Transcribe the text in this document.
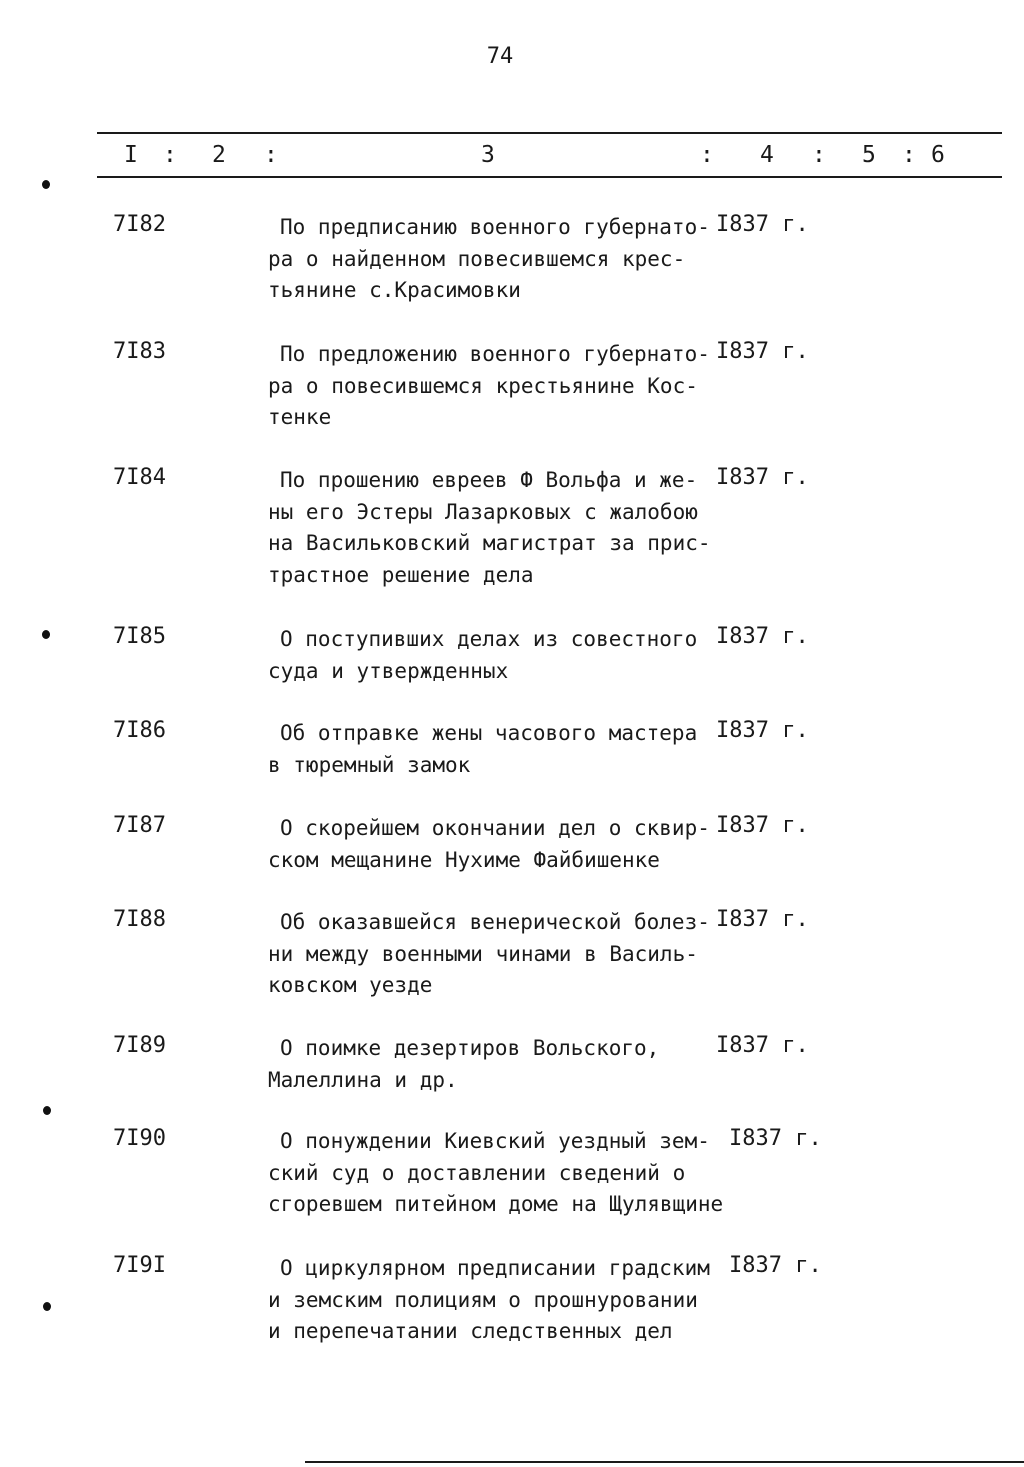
74
I : 2 :	3	: 4 : 5 : 6
7I82	По предписанию военного губернато-
ра о найденном повесившемся крес-
тьянине с.Красимовки
I837 г.
7I83	По предложению военного губернато-
ра о повесившемся крестьянине Кос-
тенке
I837 г.
7I84	По прошению евреев Ф Вольфа и же-
ны его Эстеры Лазарковых с жалобою
на Васильковский магистрат за прис-
трастное решение дела
I837 г.
7I85	О поступивших делах из совестного
суда и утвержденных
I837 г.
7I86	Об отправке жены часового мастера
в тюремный замок
I837 г.
7I87	О скорейшем окончании дел о сквир-
ском мещанине Нухиме Файбишенке
I837 г.
7I88	Об оказавшейся венерической болез-
ни между военными чинами в Василь-
ковском уезде
I837 г.
7I89	О поимке дезертиров Вольского,
Малеллина и др.
I837 г.
7I90	О понуждении Киевский уездный зем-
ский суд о доставлении сведений о
сгоревшем питейном доме на Щулявщине
I837 г.
7I9I	О циркулярном предписании градским
и земским полициям о прошнуровании
и перепечатании следственных дел
I837 г.
